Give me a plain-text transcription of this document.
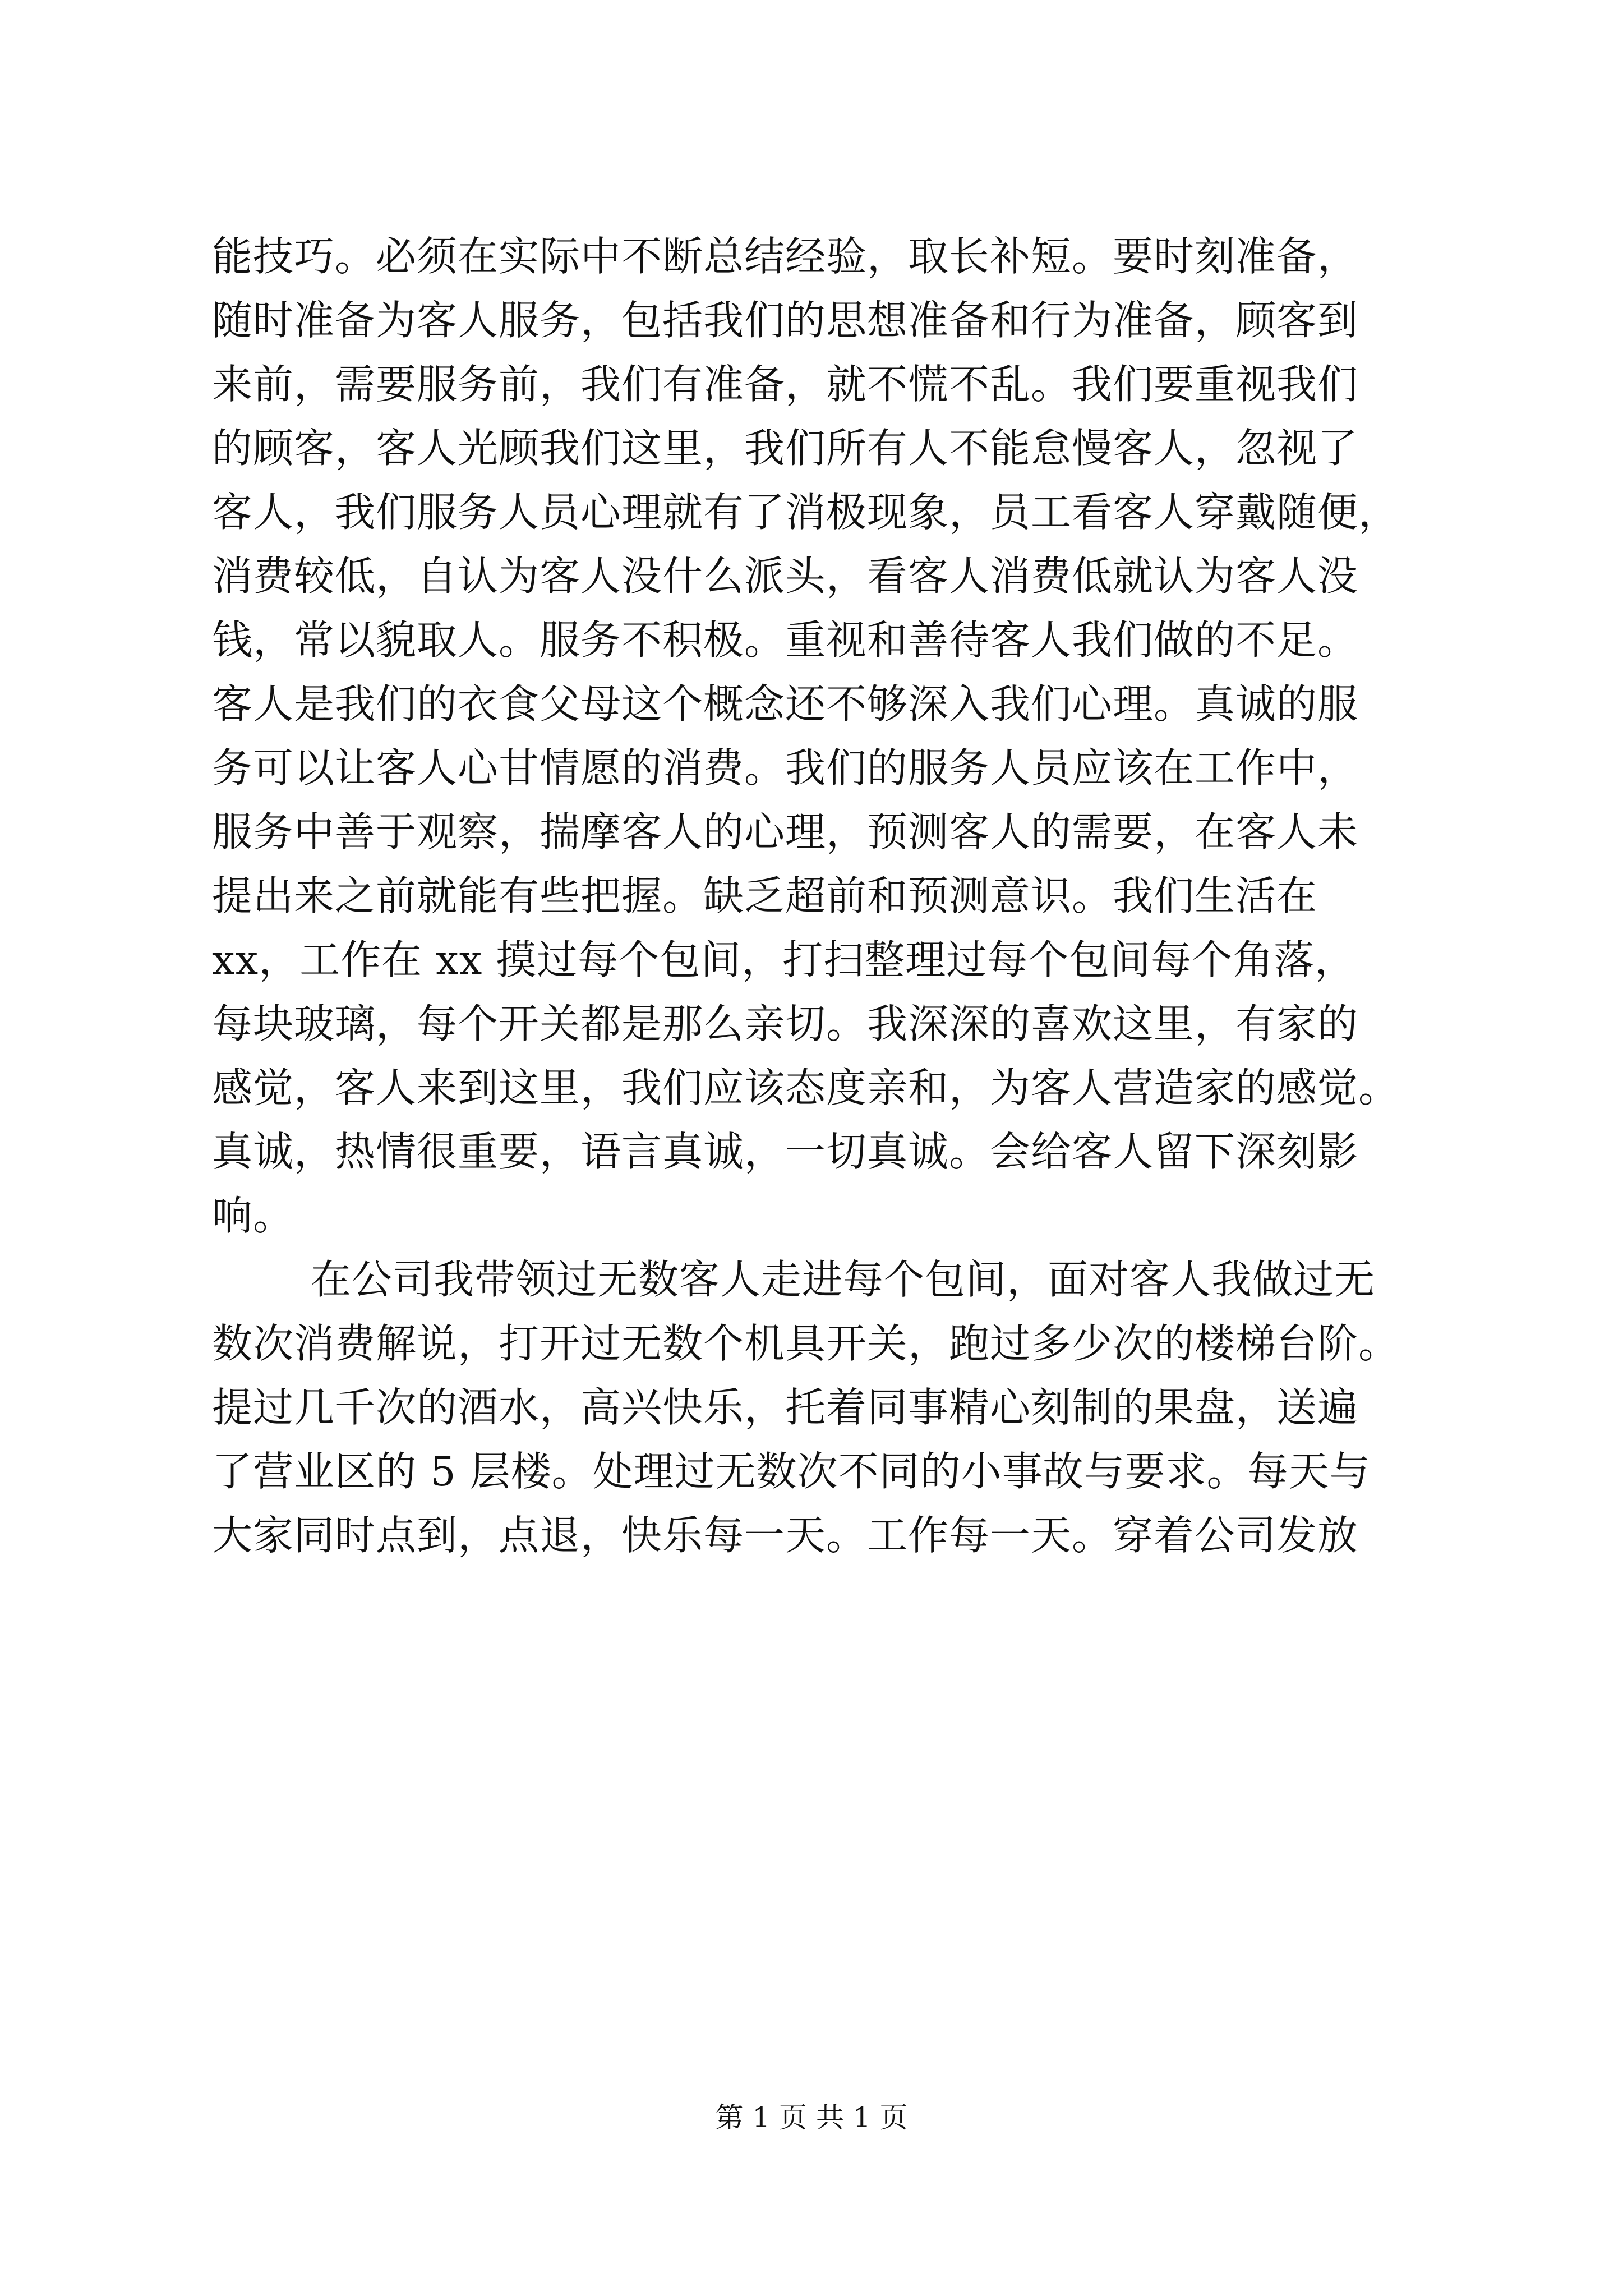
能技巧。必须在实际中不断总结经验，取长补短。要时刻准备，
随时准备为客人服务，包括我们的思想准备和行为准备，顾客到
来前，需要服务前，我们有准备，就不慌不乱。我们要重视我们
的顾客，客人光顾我们这里，我们所有人不能怠慢客人，忽视了
客人，我们服务人员心理就有了消极现象，员工看客人穿戴随便，
消费较低，自认为客人没什么派头，看客人消费低就认为客人没
钱，常以貌取人。服务不积极。重视和善待客人我们做的不足。
客人是我们的衣食父母这个概念还不够深入我们心理。真诚的服
务可以让客人心甘情愿的消费。我们的服务人员应该在工作中，
服务中善于观察，揣摩客人的心理，预测客人的需要，在客人未
提出来之前就能有些把握。缺乏超前和预测意识。我们生活在
xx，工作在 xx 摸过每个包间，打扫整理过每个包间每个角落，
每块玻璃，每个开关都是那么亲切。我深深的喜欢这里，有家的
感觉，客人来到这里，我们应该态度亲和，为客人营造家的感觉。
真诚，热情很重要，语言真诚，一切真诚。会给客人留下深刻影
响。
在公司我带领过无数客人走进每个包间，面对客人我做过无
数次消费解说，打开过无数个机具开关，跑过多少次的楼梯台阶。
提过几千次的酒水，高兴快乐，托着同事精心刻制的果盘，送遍
了营业区的 5 层楼。处理过无数次不同的小事故与要求。每天与
大家同时点到，点退，快乐每一天。工作每一天。穿着公司发放
第 1 页 共 1 页
